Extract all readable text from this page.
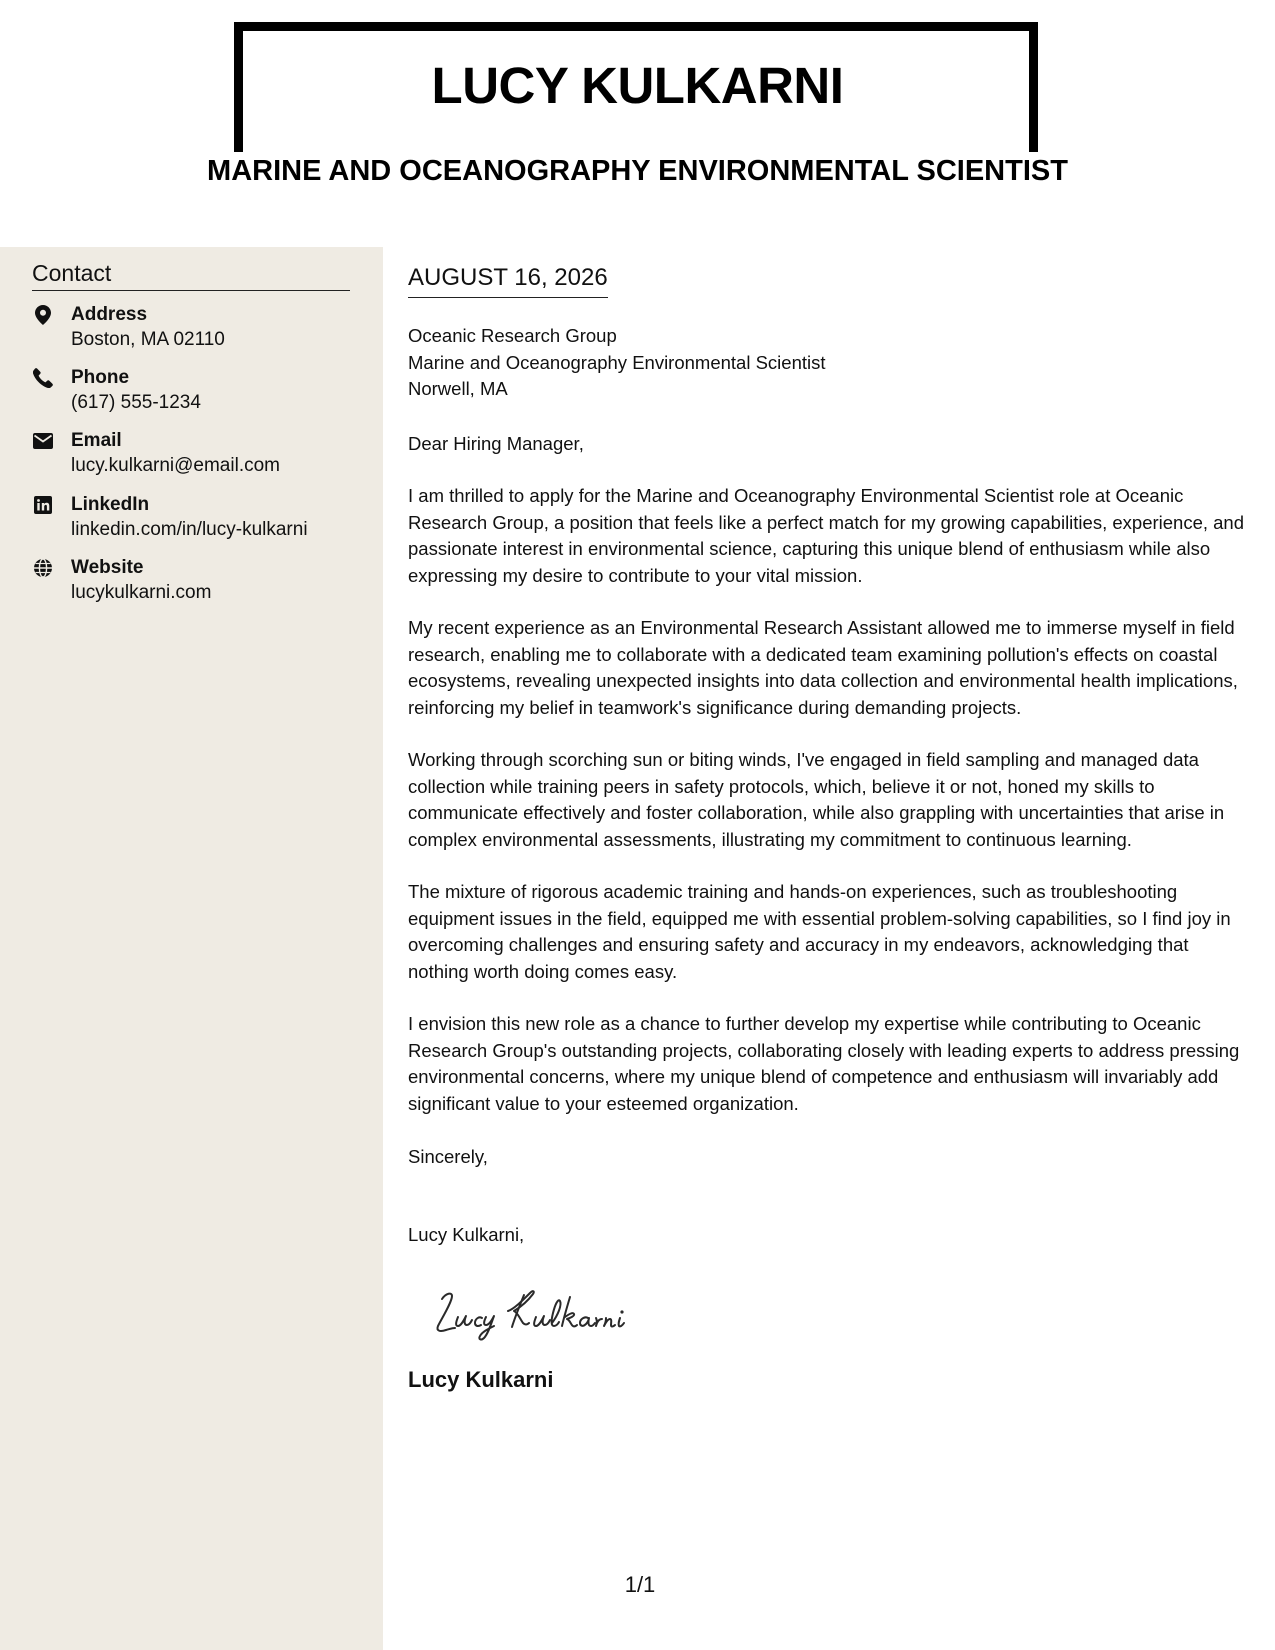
LUCY KULKARNI
MARINE AND OCEANOGRAPHY ENVIRONMENTAL SCIENTIST
Contact
Address
Boston, MA 02110
Phone
(617) 555-1234
Email
lucy.kulkarni@email.com
LinkedIn
linkedin.com/in/lucy-kulkarni
Website
lucykulkarni.com
AUGUST 16, 2026
Oceanic Research Group
Marine and Oceanography Environmental Scientist
Norwell, MA
Dear Hiring Manager,

I am thrilled to apply for the Marine and Oceanography Environmental Scientist role at Oceanic Research Group, a position that feels like a perfect match for my growing capabilities, experience, and passionate interest in environmental science, capturing this unique blend of enthusiasm while also expressing my desire to contribute to your vital mission.

My recent experience as an Environmental Research Assistant allowed me to immerse myself in field research, enabling me to collaborate with a dedicated team examining pollution's effects on coastal ecosystems, revealing unexpected insights into data collection and environmental health implications, reinforcing my belief in teamwork's significance during demanding projects.

Working through scorching sun or biting winds, I've engaged in field sampling and managed data collection while training peers in safety protocols, which, believe it or not, honed my skills to communicate effectively and foster collaboration, while also grappling with uncertainties that arise in complex environmental assessments, illustrating my commitment to continuous learning.

The mixture of rigorous academic training and hands-on experiences, such as troubleshooting equipment issues in the field, equipped me with essential problem-solving capabilities, so I find joy in overcoming challenges and ensuring safety and accuracy in my endeavors, acknowledging that nothing worth doing comes easy.

I envision this new role as a chance to further develop my expertise while contributing to Oceanic Research Group's outstanding projects, collaborating closely with leading experts to address pressing environmental concerns, where my unique blend of competence and enthusiasm will invariably add significant value to your esteemed organization.

Sincerely,
Lucy Kulkarni,
Lucy Kulkarni
1/1
